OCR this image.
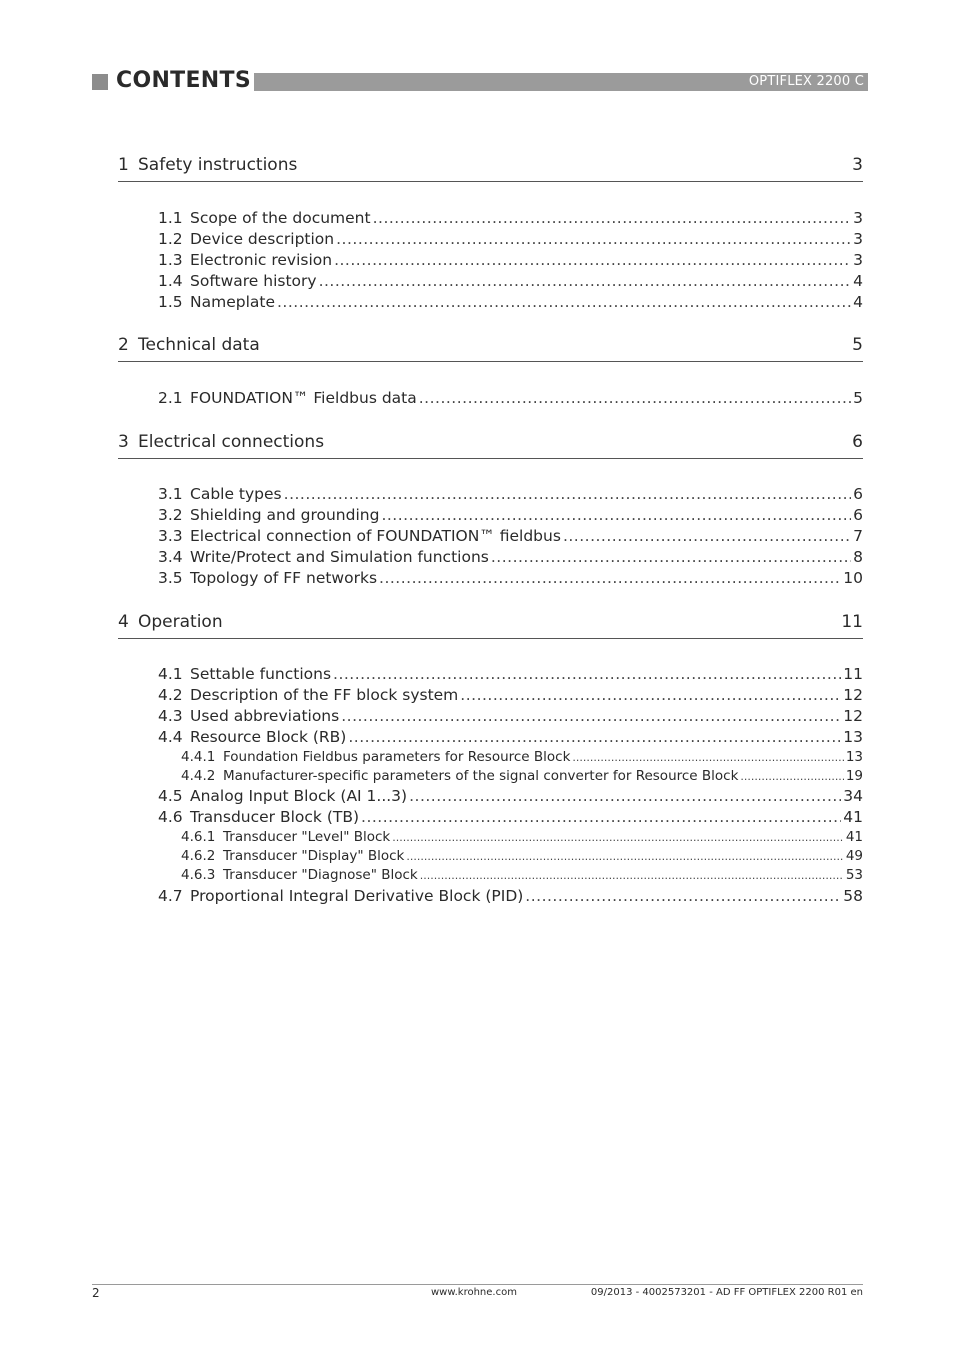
CONTENTS	OPTIFLEX 2200 C
1 Safety instructions	3
1.1 Scope of the document .....	3
1.2 Device description .....	3
1.3 Electronic revision .....	3
1.4 Software history .....	4
1.5 Nameplate .....	4
2 Technical data	5
2.1 FOUNDATION™ Fieldbus data .....	5
3 Electrical connections	6
3.1 Cable types .....	6
3.2 Shielding and grounding .....	6
3.3 Electrical connection of FOUNDATION™ fieldbus .....	7
3.4 Write/Protect and Simulation functions .....	8
3.5 Topology of FF networks .....	10
4 Operation	11
4.1 Settable functions .....	11
4.2 Description of the FF block system .....	12
4.3 Used abbreviations .....	12
4.4 Resource Block (RB) .....	13
4.4.1 Foundation Fieldbus parameters for Resource Block .....	13
4.4.2 Manufacturer-specific parameters of the signal converter for Resource Block .....	19
4.5 Analog Input Block (AI 1...3) .....	34
4.6 Transducer Block (TB) .....	41
4.6.1 Transducer "Level" Block .....	41
4.6.2 Transducer "Display" Block .....	49
4.6.3 Transducer "Diagnose" Block .....	53
4.7 Proportional Integral Derivative Block (PID) .....	58
2	www.krohne.com	09/2013 - 4002573201 - AD FF OPTIFLEX 2200 R01 en
